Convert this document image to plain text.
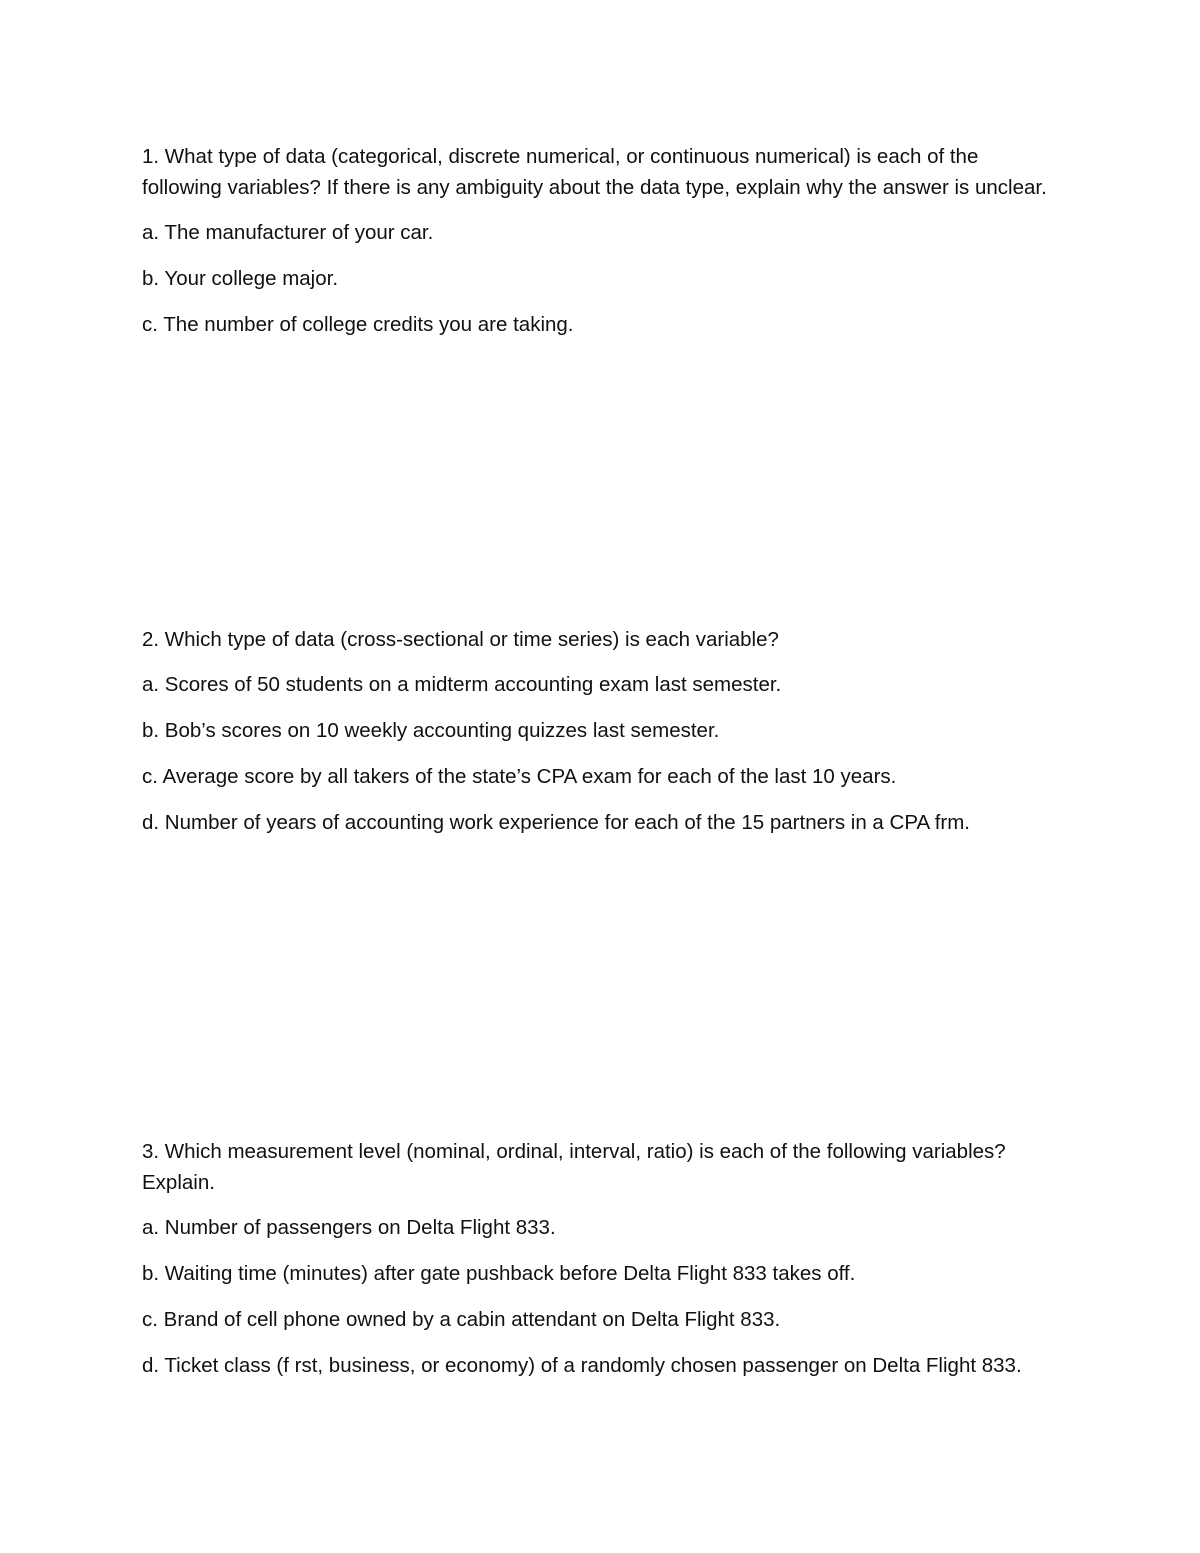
1. What type of data (categorical, discrete numerical, or continuous numerical) is each of the following variables? If there is any ambiguity about the data type, explain why the answer is unclear.

a. The manufacturer of your car.

b. Your college major.

c. The number of college credits you are taking.

2. Which type of data (cross-sectional or time series) is each variable?

a. Scores of 50 students on a midterm accounting exam last semester.

b. Bob’s scores on 10 weekly accounting quizzes last semester.

c. Average score by all takers of the state’s CPA exam for each of the last 10 years.

d. Number of years of accounting work experience for each of the 15 partners in a CPA frm.

3. Which measurement level (nominal, ordinal, interval, ratio) is each of the following variables? Explain.

a. Number of passengers on Delta Flight 833.

b. Waiting time (minutes) after gate pushback before Delta Flight 833 takes off.

c. Brand of cell phone owned by a cabin attendant on Delta Flight 833.

d. Ticket class (f rst, business, or economy) of a randomly chosen passenger on Delta Flight 833.
